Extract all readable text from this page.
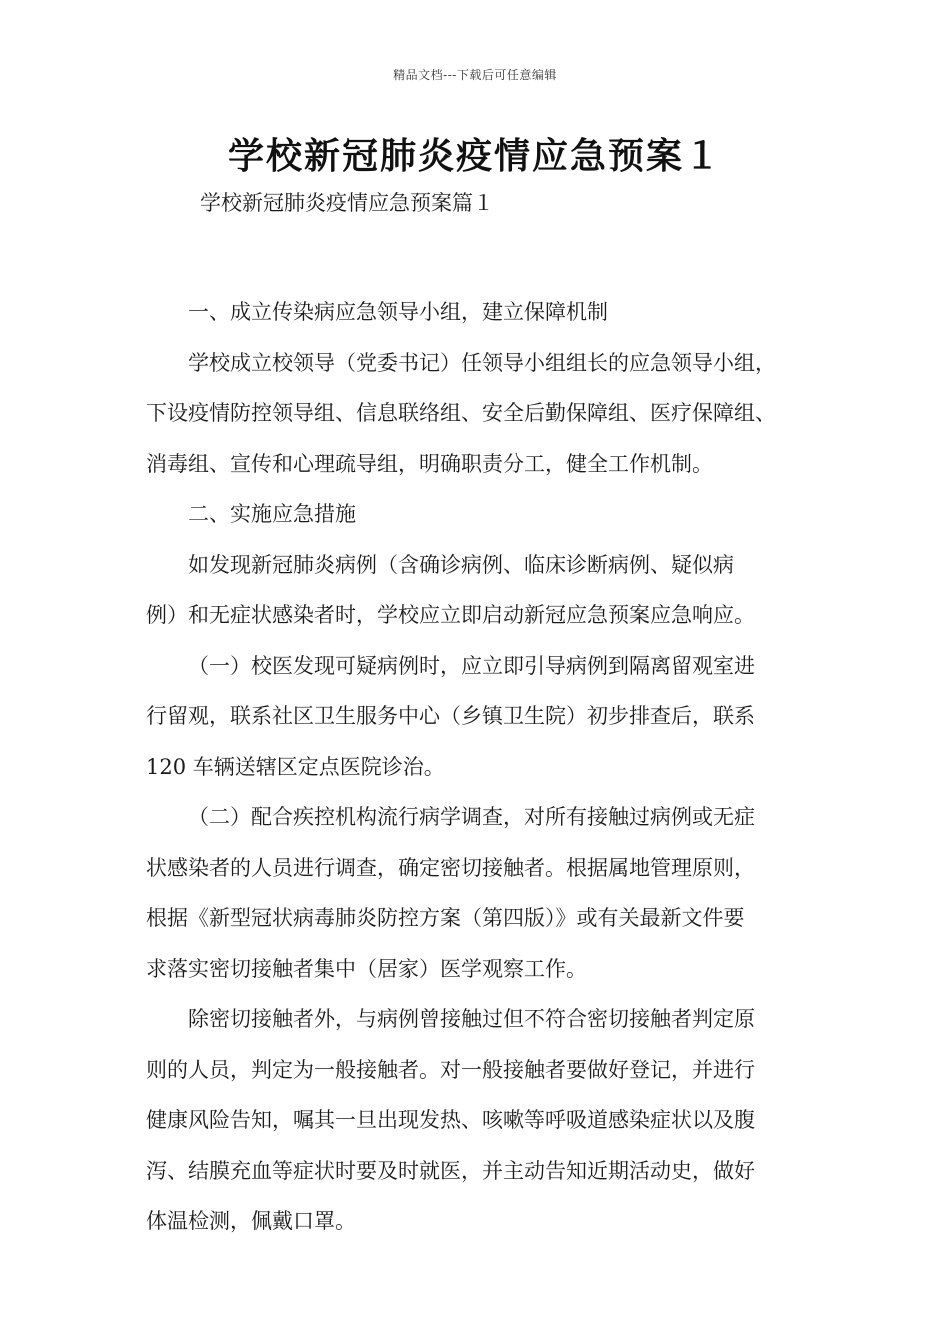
精品文档---下载后可任意编辑
学校新冠肺炎疫情应急预案１

学校新冠肺炎疫情应急预案篇１

一、成立传染病应急领导小组，建立保障机制
学校成立校领导（党委书记）任领导小组组长的应急领导小组，
下设疫情防控领导组、信息联络组、安全后勤保障组、医疗保障组、
消毒组、宣传和心理疏导组，明确职责分工，健全工作机制。
二、实施应急措施
如发现新冠肺炎病例（含确诊病例、临床诊断病例、疑似病
例）和无症状感染者时，学校应立即启动新冠应急预案应急响应。
（一）校医发现可疑病例时，应立即引导病例到隔离留观室进
行留观，联系社区卫生服务中心（乡镇卫生院）初步排查后，联系
120 车辆送辖区定点医院诊治。
（二）配合疾控机构流行病学调查，对所有接触过病例或无症
状感染者的人员进行调查，确定密切接触者。根据属地管理原则，
根据《新型冠状病毒肺炎防控方案（第四版）》或有关最新文件要
求落实密切接触者集中（居家）医学观察工作。
除密切接触者外，与病例曾接触过但不符合密切接触者判定原
则的人员，判定为一般接触者。对一般接触者要做好登记，并进行
健康风险告知，嘱其一旦出现发热、咳嗽等呼吸道感染症状以及腹
泻、结膜充血等症状时要及时就医，并主动告知近期活动史，做好
体温检测，佩戴口罩。
